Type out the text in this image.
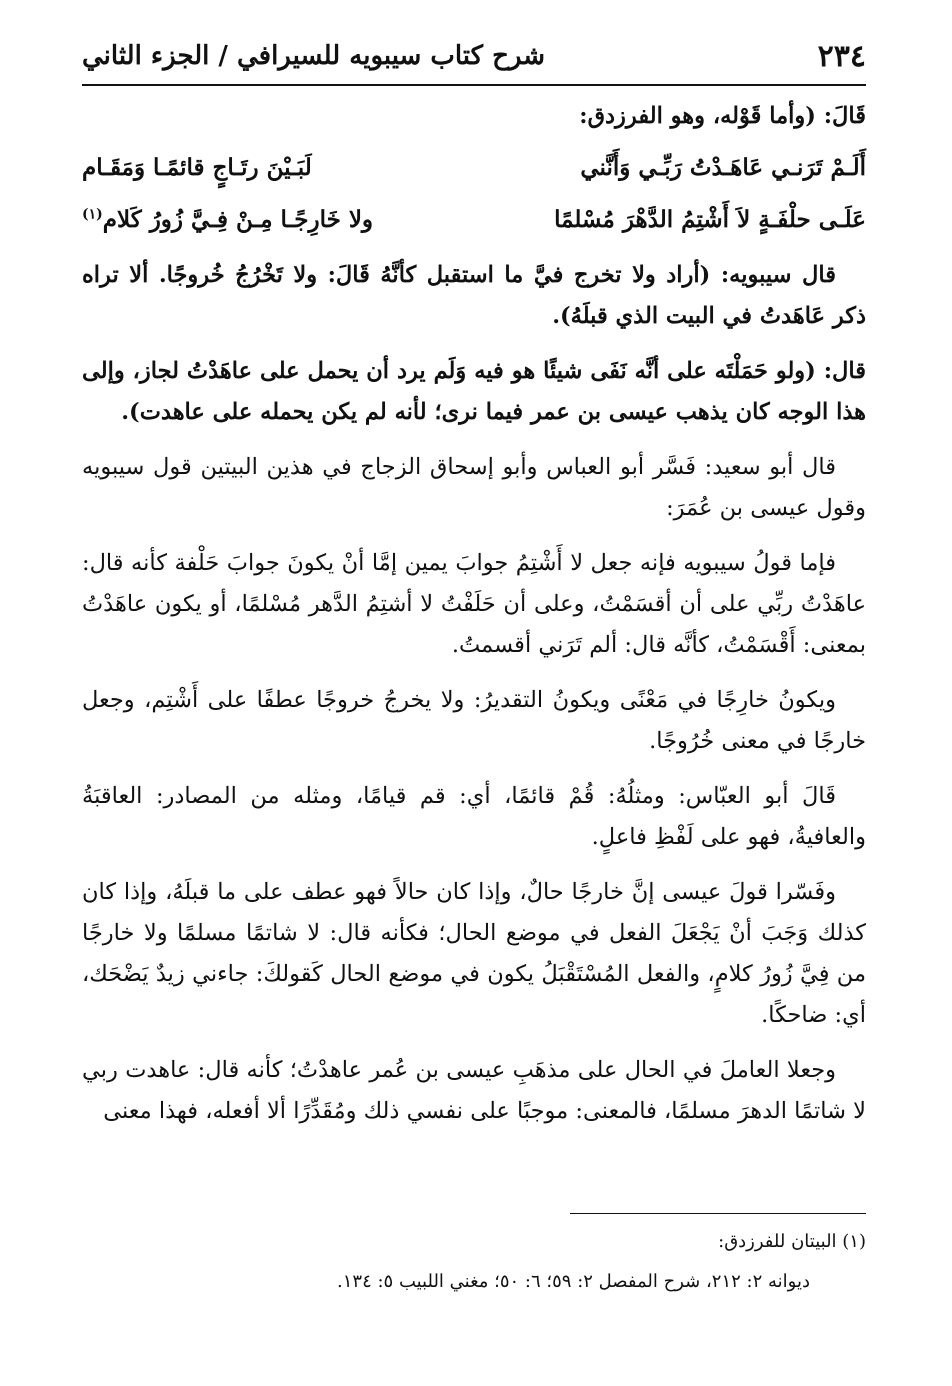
٢٣٤
شرح كتاب سيبويه للسيرافي / الجزء الثاني

قَالَ: (وأما قَوْله، وهو الفرزدق:

أَلَـمْ تَرَنـي عَاهَـدْتُ رَبِّـي وَأَنَّني
لَبَـيْنَ رتَـاجٍ قائمًـا وَمَقَـام
عَلَـى حلْفَـةٍ لاَ أَشْتِمُ الدَّهْرَ مُسْلمًا
ولا خَارِجًـا مِـنْ فِـيَّ زُورُ كَلام$^{(١)}$

قال سيبويه: (أراد ولا تخرج فيَّ ما استقبل كأنَّهُ قَالَ: ولا تَخْرُجُ خُروجًا. ألا تراه ذكر عَاهَدتُ في البيت الذي قبلَهُ).

قال: (ولو حَمَلْتَه على أنَّه نَفَى شيئًا هو فيه وَلَم يرد أن يحمل على عاهَدْتُ لجاز، وإلى هذا الوجه كان يذهب عيسى بن عمر فيما نرى؛ لأنه لم يكن يحمله على عاهدت).

قال أبو سعيد: فَسَّر أبو العباس وأبو إسحاق الزجاج في هذين البيتين قول سيبويه وقول عيسى بن عُمَرَ:

فإما قولُ سيبويه فإنه جعل لا أَشْتِمُ جوابَ يمين إمَّا أنْ يكونَ جوابَ حَلْفة كأنه قال: عاهَدْتُ ربِّي على أن أقسَمْتُ، وعلى أن حَلَفْتُ لا أشتِمُ الدَّهر مُسْلمًا، أو يكون عاهَدْتُ بمعنى: أَقْسَمْتُ، كأنَّه قال: ألم تَرَني أقسمتُ.

ويكونُ خارِجًا في مَعْنًى ويكونُ التقديرُ: ولا يخرجُ خروجًا عطفًا على أَشْتِم، وجعل خارجًا في معنى خُرُوجًا.

قَالَ أبو العبّاس: ومثلُهُ: قُمْ قائمًا، أي: قم قيامًا، ومثله من المصادر: العاقبَةُ والعافيةُ، فهو على لَفْظِ فاعلٍ.

وفَسّرا قولَ عيسى إنَّ خارجًا حالٌ، وإذا كان حالاً فهو عطف على ما قبلَهُ، وإذا كان كذلك وَجَبَ أنْ يَجْعَلَ الفعل في موضع الحال؛ فكأنه قال: لا شاتمًا مسلمًا ولا خارجًا من فِيَّ زُورُ كلامٍ، والفعل المُسْتَقْبَلُ يكون في موضع الحال كَقولكَ: جاءني زيدٌ يَضْحَك، أي: ضاحكًا.

وجعلا العاملَ في الحال على مذهَبِ عيسى بن عُمر عاهدْتُ؛ كأنه قال: عاهدت ربي لا شاتمًا الدهرَ مسلمًا، فالمعنى: موجبًا على نفسي ذلك ومُقَدِّرًا ألا أفعله، فهذا معنى

(١) البيتان للفرزدق:
ديوانه ٢: ٢١٢، شرح المفصل ٢: ٥٩؛ ٦: ٥٠؛ مغني اللبيب ٥: ١٣٤.
